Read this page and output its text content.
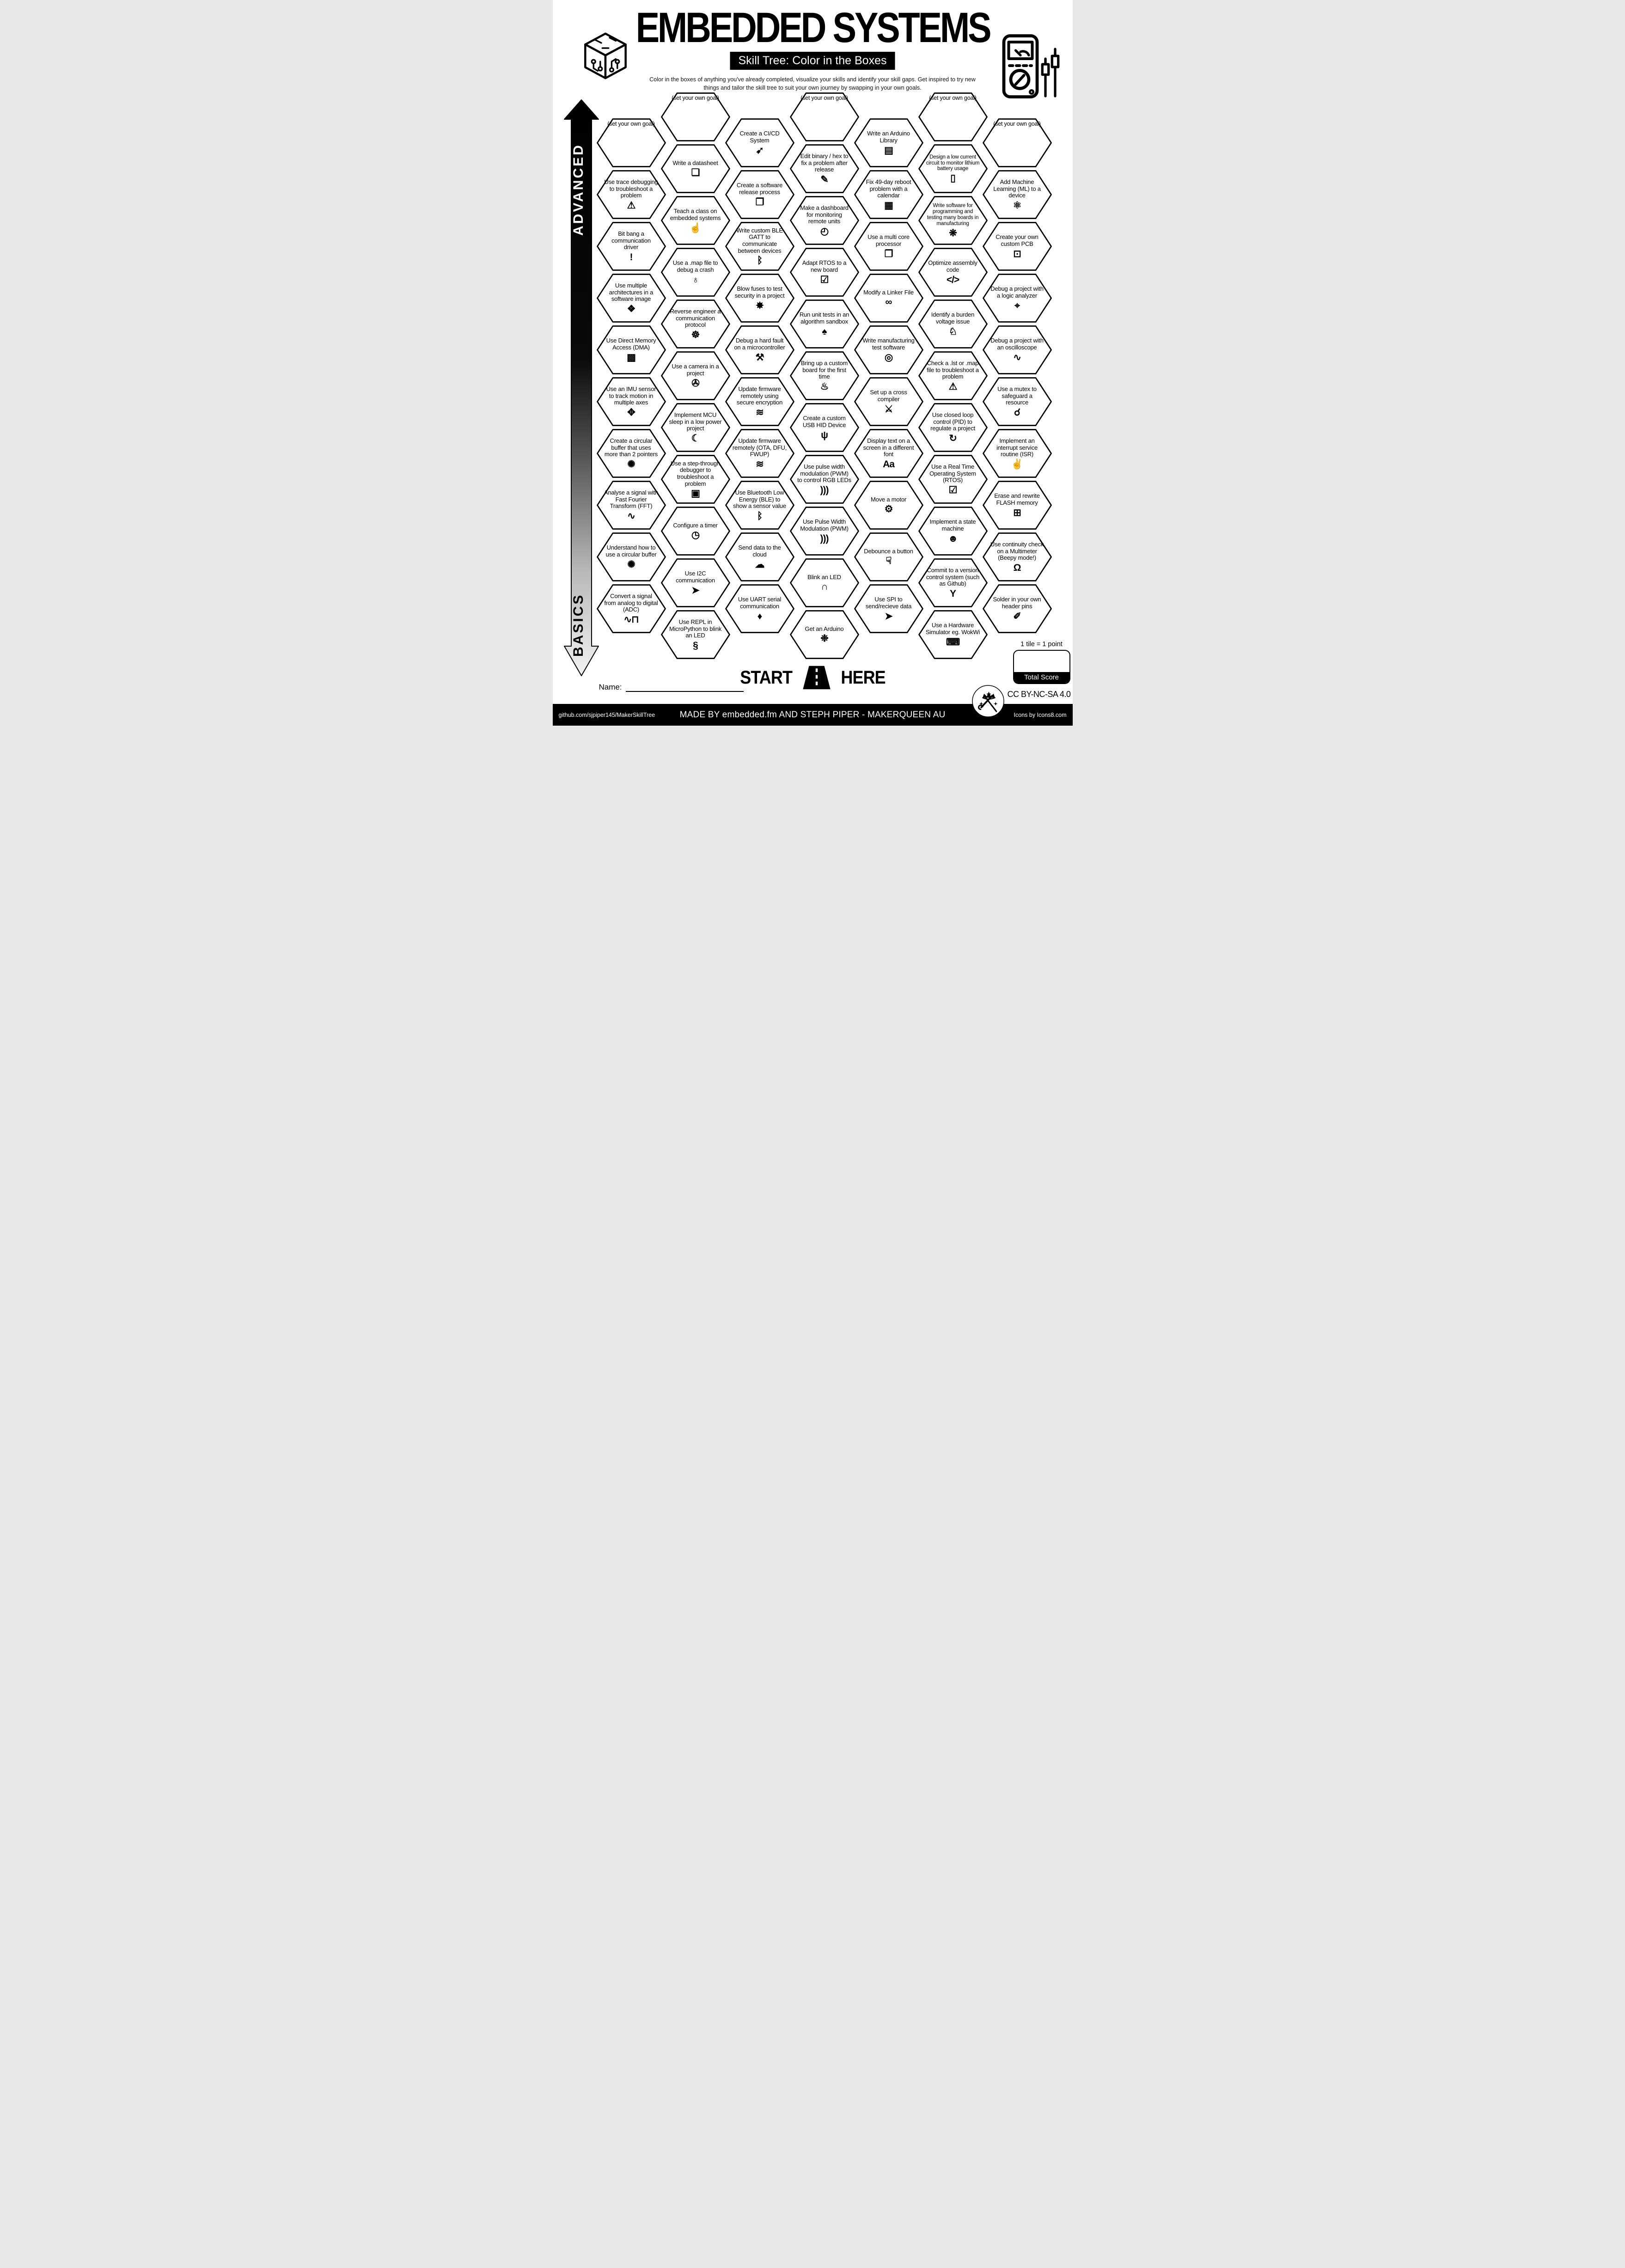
EMBEDDED SYSTEMS
Skill Tree: Color in the Boxes
Color in the boxes of anything you've already completed, visualize your skills and identify your skill gaps. Get inspired to try new things and tailor the skill tree to suit your own journey by swapping in your own goals.
ADVANCED
BASICS
(set your own goal)
Use trace debugging to troubleshoot a problem
⚠
Bit bang a communication driver
!
Use multiple architectures in a software image
❖
Use Direct Memory Access (DMA)
▩
Use an IMU sensor to track motion in multiple axes
✥
Create a circular buffer that uses more than 2 pointers
✺
Analyse a signal with Fast Fourier Transform (FFT)
∿
Understand how to use a circular buffer
✺
Convert a signal from analog to digital (ADC)
∿⊓
(set your own goal)
Write a datasheet
❏
Teach a class on embedded systems
☝
Use a .map file to debug a crash
♁
Reverse engineer a communication protocol
☸
Use a camera in a project
✇
Implement MCU sleep in a low power project
☾
Use a step-through debugger to troubleshoot a problem
▣
Configure a timer
◷
Use I2C communication
➤
Use REPL in MicroPython to blink an LED
§
Create a CI/CD System
➹
Create a software release process
❒
Write custom BLE GATT to communicate between devices
ᛒ
Blow fuses to test security in a project
✸
Debug a hard fault on a microcontroller
⚒
Update firmware remotely using secure encryption
≋
Update firmware remotely (OTA, DFU, FWUP)
≋
Use Bluetooth Low Energy (BLE) to show a sensor value
ᛒ
Send data to the cloud
☁
Use UART serial communication
♦
(set your own goal)
Edit binary / hex to fix a problem after release
✎
Make a dashboard for monitoring remote units
◴
Adapt RTOS to a new board
☑
Run unit tests in an algorithm sandbox
♠
Bring up a custom board for the first time
♨
Create a custom USB HID Device
ψ
Use pulse width modulation (PWM) to control RGB LEDs
)))
Use Pulse Width Modulation (PWM)
)))
Blink an LED
∩
Get an Arduino
❉
Write an Arduino Library
▤
Fix 49-day reboot problem with a calendar
▦
Use a multi core processor
❐
Modify a Linker File
∞
Write manufacturing test software
◎
Set up a cross compiler
⚔
Display text on a screen in a different font
Aa
Move a motor
⚙
Debounce a button
☟
Use SPI to send/recieve data
➤
(set your own goal)
Design a low current circuit to monitor lithium battery usage
▯
Write software for programming and testing many boards in manufacturing
❋
Optimize assembly code
</>
Identify a burden voltage issue
♘
Check a .lst or .map file to troubleshoot a problem
⚠
Use closed loop control (PID) to regulate a project
↻
Use a Real Time Operating System (RTOS)
☑
Implement a state machine
☻
Commit to a version control system (such as Github)
Y
Use a Hardware Simulator eg. WokWi
⌨
(set your own goal)
Add Machine Learning (ML) to a device
⚛
Create your own custom PCB
⊡
Debug a project with a logic analyzer
⌖
Debug a project with an oscilloscope
∿
Use a mutex to safeguard a resource
☌
Implement an interrupt service routine (ISR)
✌
Erase and rewrite FLASH memory
⊞
Use continuity check on a Multimeter (Beepy mode!)
Ω
Solder in your own header pins
✐
START	HERE
Name:
1 tile = 1 point
Total Score
CC BY-NC-SA 4.0
github.com/sjpiper145/MakerSkillTree	MADE BY embedded.fm AND STEPH PIPER - MAKERQUEEN AU	Icons by Icons8.com
